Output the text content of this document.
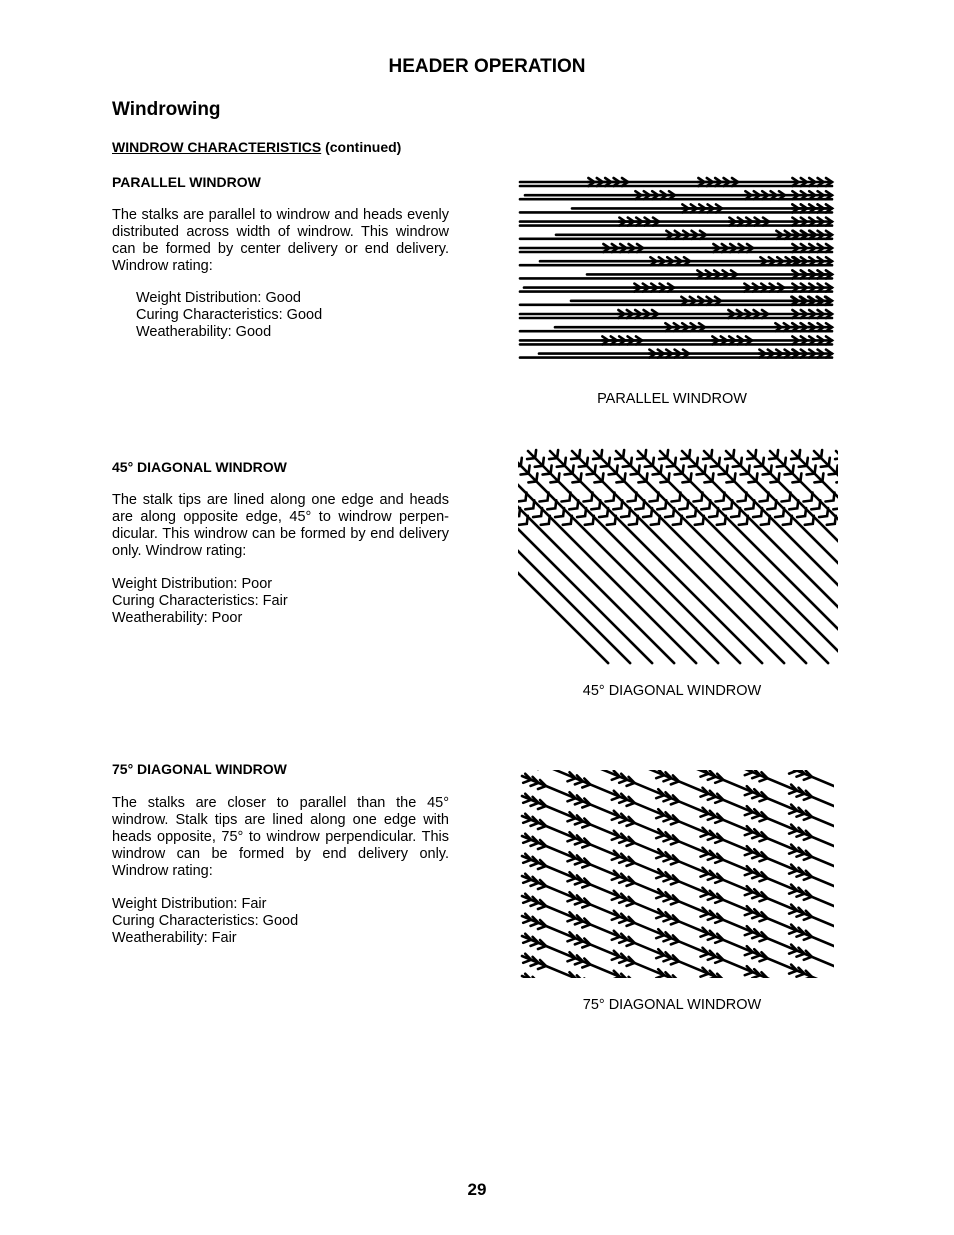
HEADER OPERATION
Windrowing
WINDROW CHARACTERISTICS (continued)
PARALLEL WINDROW
The stalks are parallel to windrow and heads evenly distributed across width of windrow. This windrow can be formed by center delivery or end delivery. Windrow rating:
Weight Distribution: Good
Curing Characteristics: Good
Weatherability: Good
PARALLEL WINDROW
45° DIAGONAL WINDROW
The stalk tips are lined along one edge and heads are along opposite edge, 45° to windrow perpen-dicular. This windrow can be formed by end delivery only. Windrow rating:
Weight Distribution: Poor
Curing Characteristics: Fair
Weatherability: Poor
45° DIAGONAL WINDROW
75° DIAGONAL WINDROW
The stalks are closer to parallel than the 45° windrow. Stalk tips are lined along one edge with heads opposite, 75° to windrow perpendicular. This windrow can be formed by end delivery only. Windrow rating:
Weight Distribution: Fair
Curing Characteristics: Good
Weatherability: Fair
75° DIAGONAL WINDROW
29
